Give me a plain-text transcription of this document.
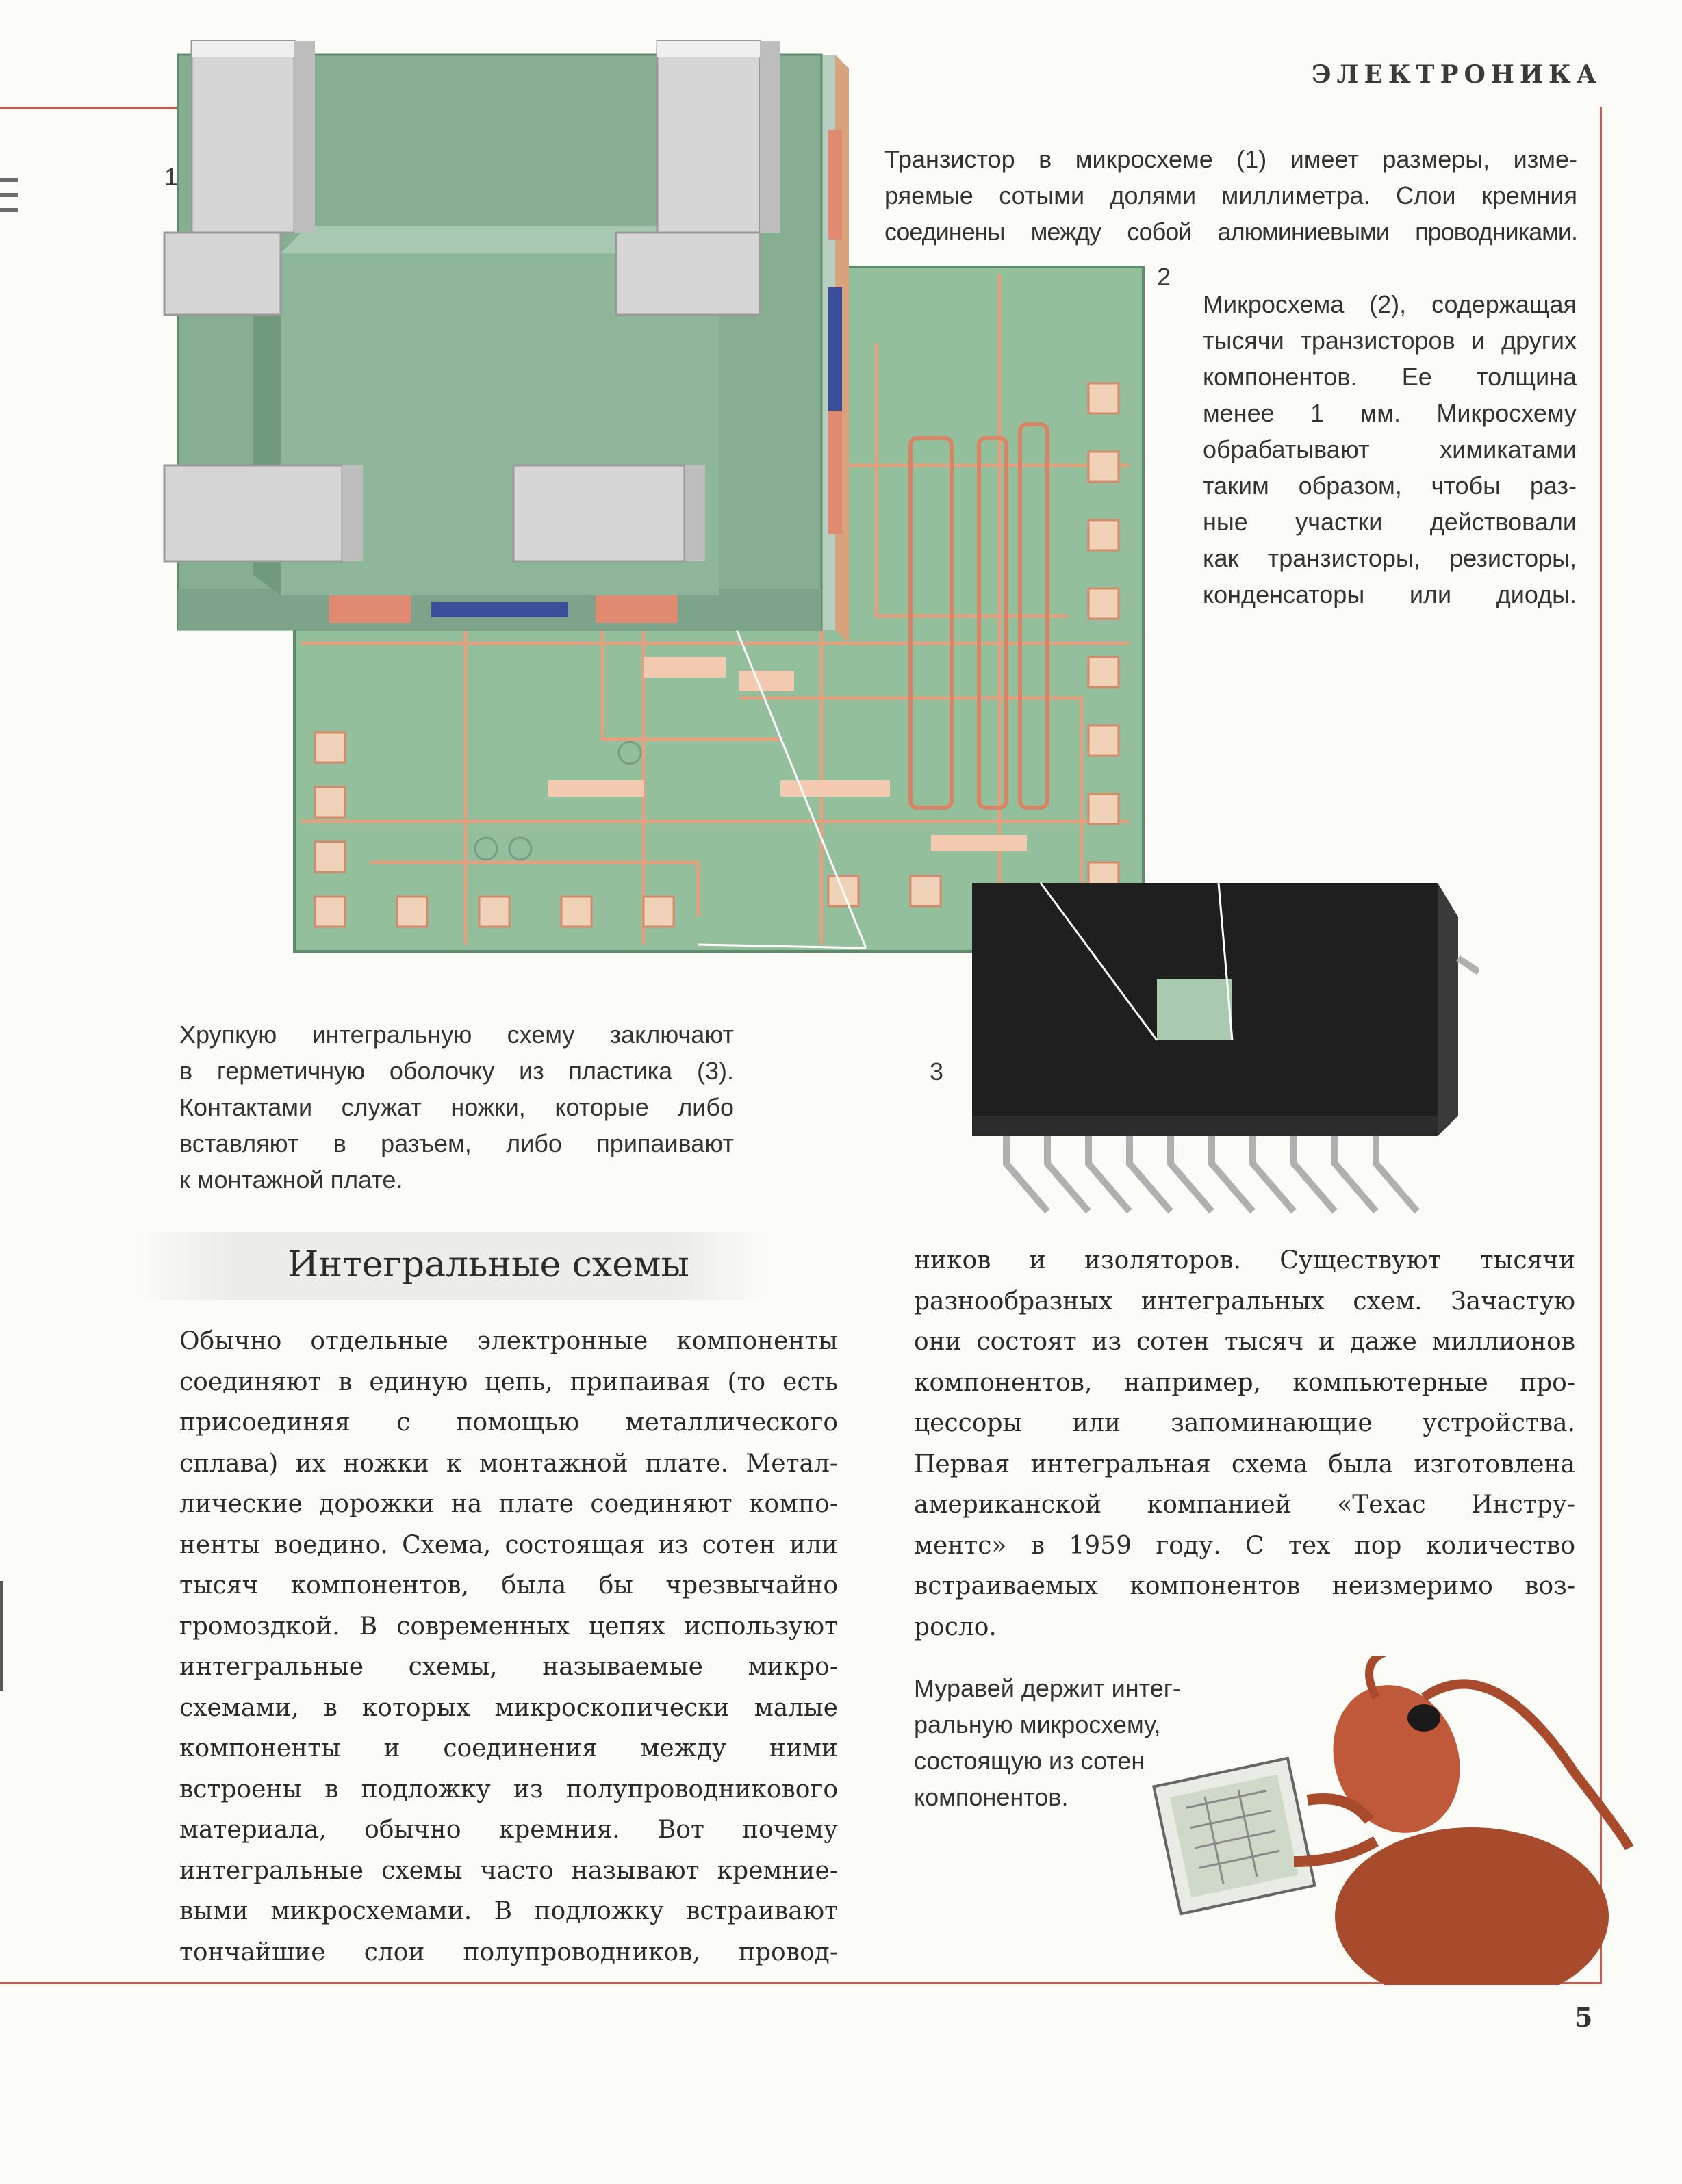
ЭЛЕКТРОНИКА
1
2
3
Транзистор в микросхеме (1) имеет размеры, изме-
ряемые сотыми долями миллиметра. Слои кремния
соединены между собой алюминиевыми проводниками.
Микросхема (2), содержащая
тысячи транзисторов и других
компонентов. Ее толщина
менее 1 мм. Микросхему
обрабатывают химикатами
таким образом, чтобы раз-
ные участки действовали
как транзисторы, резисторы,
конденсаторы или диоды.
Хрупкую интегральную схему заключают
в герметичную оболочку из пластика (3).
Контактами служат ножки, которые либо
вставляют в разъем, либо припаивают
к монтажной плате.
Интегральные схемы
Обычно отдельные электронные компоненты
соединяют в единую цепь, припаивая (то есть
присоединяя с помощью металлического
сплава) их ножки к монтажной плате. Метал-
лические дорожки на плате соединяют компо-
ненты воедино. Схема, состоящая из сотен или
тысяч компонентов, была бы чрезвычайно
громоздкой. В современных цепях используют
интегральные схемы, называемые микро-
схемами, в которых микроскопически малые
компоненты и соединения между ними
встроены в подложку из полупроводникового
материала, обычно кремния. Вот почему
интегральные схемы часто называют кремние-
выми микросхемами. В подложку встраивают
тончайшие слои полупроводников, провод-
ников и изоляторов. Существуют тысячи
разнообразных интегральных схем. Зачастую
они состоят из сотен тысяч и даже миллионов
компонентов, например, компьютерные про-
цессоры или запоминающие устройства.
Первая интегральная схема была изготовлена
американской компанией «Техас Инстру-
ментс» в 1959 году. С тех пор количество
встраиваемых компонентов неизмеримо воз-
росло.
Муравей держит интег-
ральную микросхему,
состоящую из сотен
компонентов.
5
